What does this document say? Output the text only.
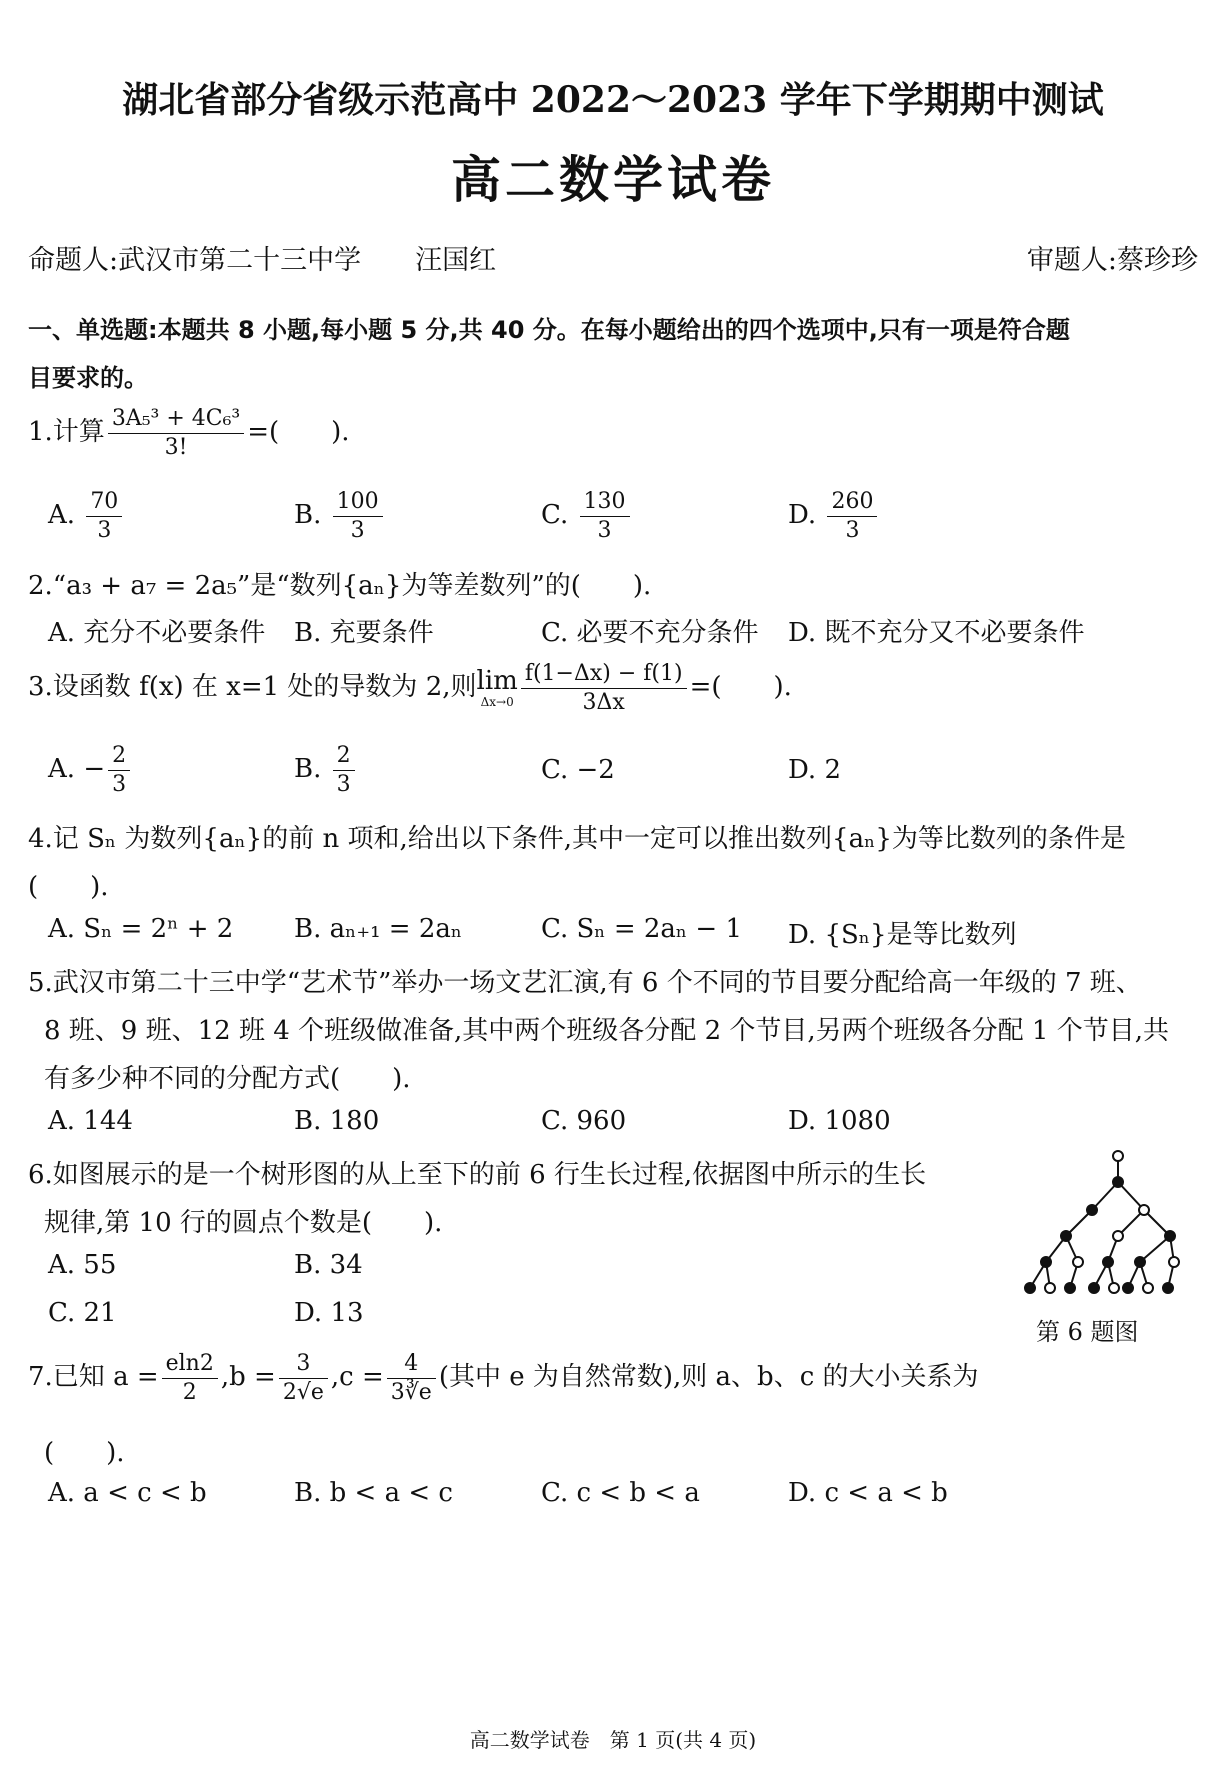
湖北省部分省级示范高中 2022～2023 学年下学期期中测试
高二数学试卷
命题人:武汉市第二十三中学　　汪国红	审题人:蔡珍珍
一、单选题:本题共 8 小题,每小题 5 分,共 40 分。在每小题给出的四个选项中,只有一项是符合题
目要求的。
1.计算 $\frac{\text{3A₅³ + 4C₆³}}{3!}$ =(　　).
A. $\frac{70}{3}$	B. $\frac{100}{3}$	C. $\frac{130}{3}$	D. $\frac{260}{3}$
2.“a₃ + a₇ = 2a₅”是“数列{aₙ}为等差数列”的(　　).
A. 充分不必要条件 B. 充要条件	C. 必要不充分条件 D. 既不充分又不必要条件
3.设函数 f(x) 在 x=1 处的导数为 2,则 lim
$\Delta x\to 0 \frac{f(1-\Delta x) - f(1)}{3\Delta x}$ =(　　).
A. − $\frac{2}{3}$	B. $\frac{2}{3}$	C. −2	D. 2
4.记 Sₙ 为数列{aₙ}的前 n 项和,给出以下条件,其中一定可以推出数列{aₙ}为等比数列的条件是
(　　).
A. Sₙ = 2ⁿ + 2 B. aₙ₊₁ = 2aₙ	C. Sₙ = 2aₙ − 1 D. {Sₙ}是等比数列
5.武汉市第二十三中学“艺术节”举办一场文艺汇演,有 6 个不同的节目要分配给高一年级的 7 班、
8 班、9 班、12 班 4 个班级做准备,其中两个班级各分配 2 个节目,另两个班级各分配 1 个节目,共
有多少种不同的分配方式(　　).
A. 144	B. 180	C. 960	D. 1080
6.如图展示的是一个树形图的从上至下的前 6 行生长过程,依据图中所示的生长
规律,第 10 行的圆点个数是(　　).
A. 55	B. 34
C. 21	D. 13
第 6 题图
7.已知 $a = \frac{eln2}{2} ,b = \frac{3}{2√e} ,c = \frac{4}{3∛e}$ (其中 e 为自然常数),则 a、b、c 的大小关系为
(　　).
A. a < c < b	B. b < a < c	C. c < b < a	D. c < a < b
高二数学试卷　第 1 页(共 4 页)
